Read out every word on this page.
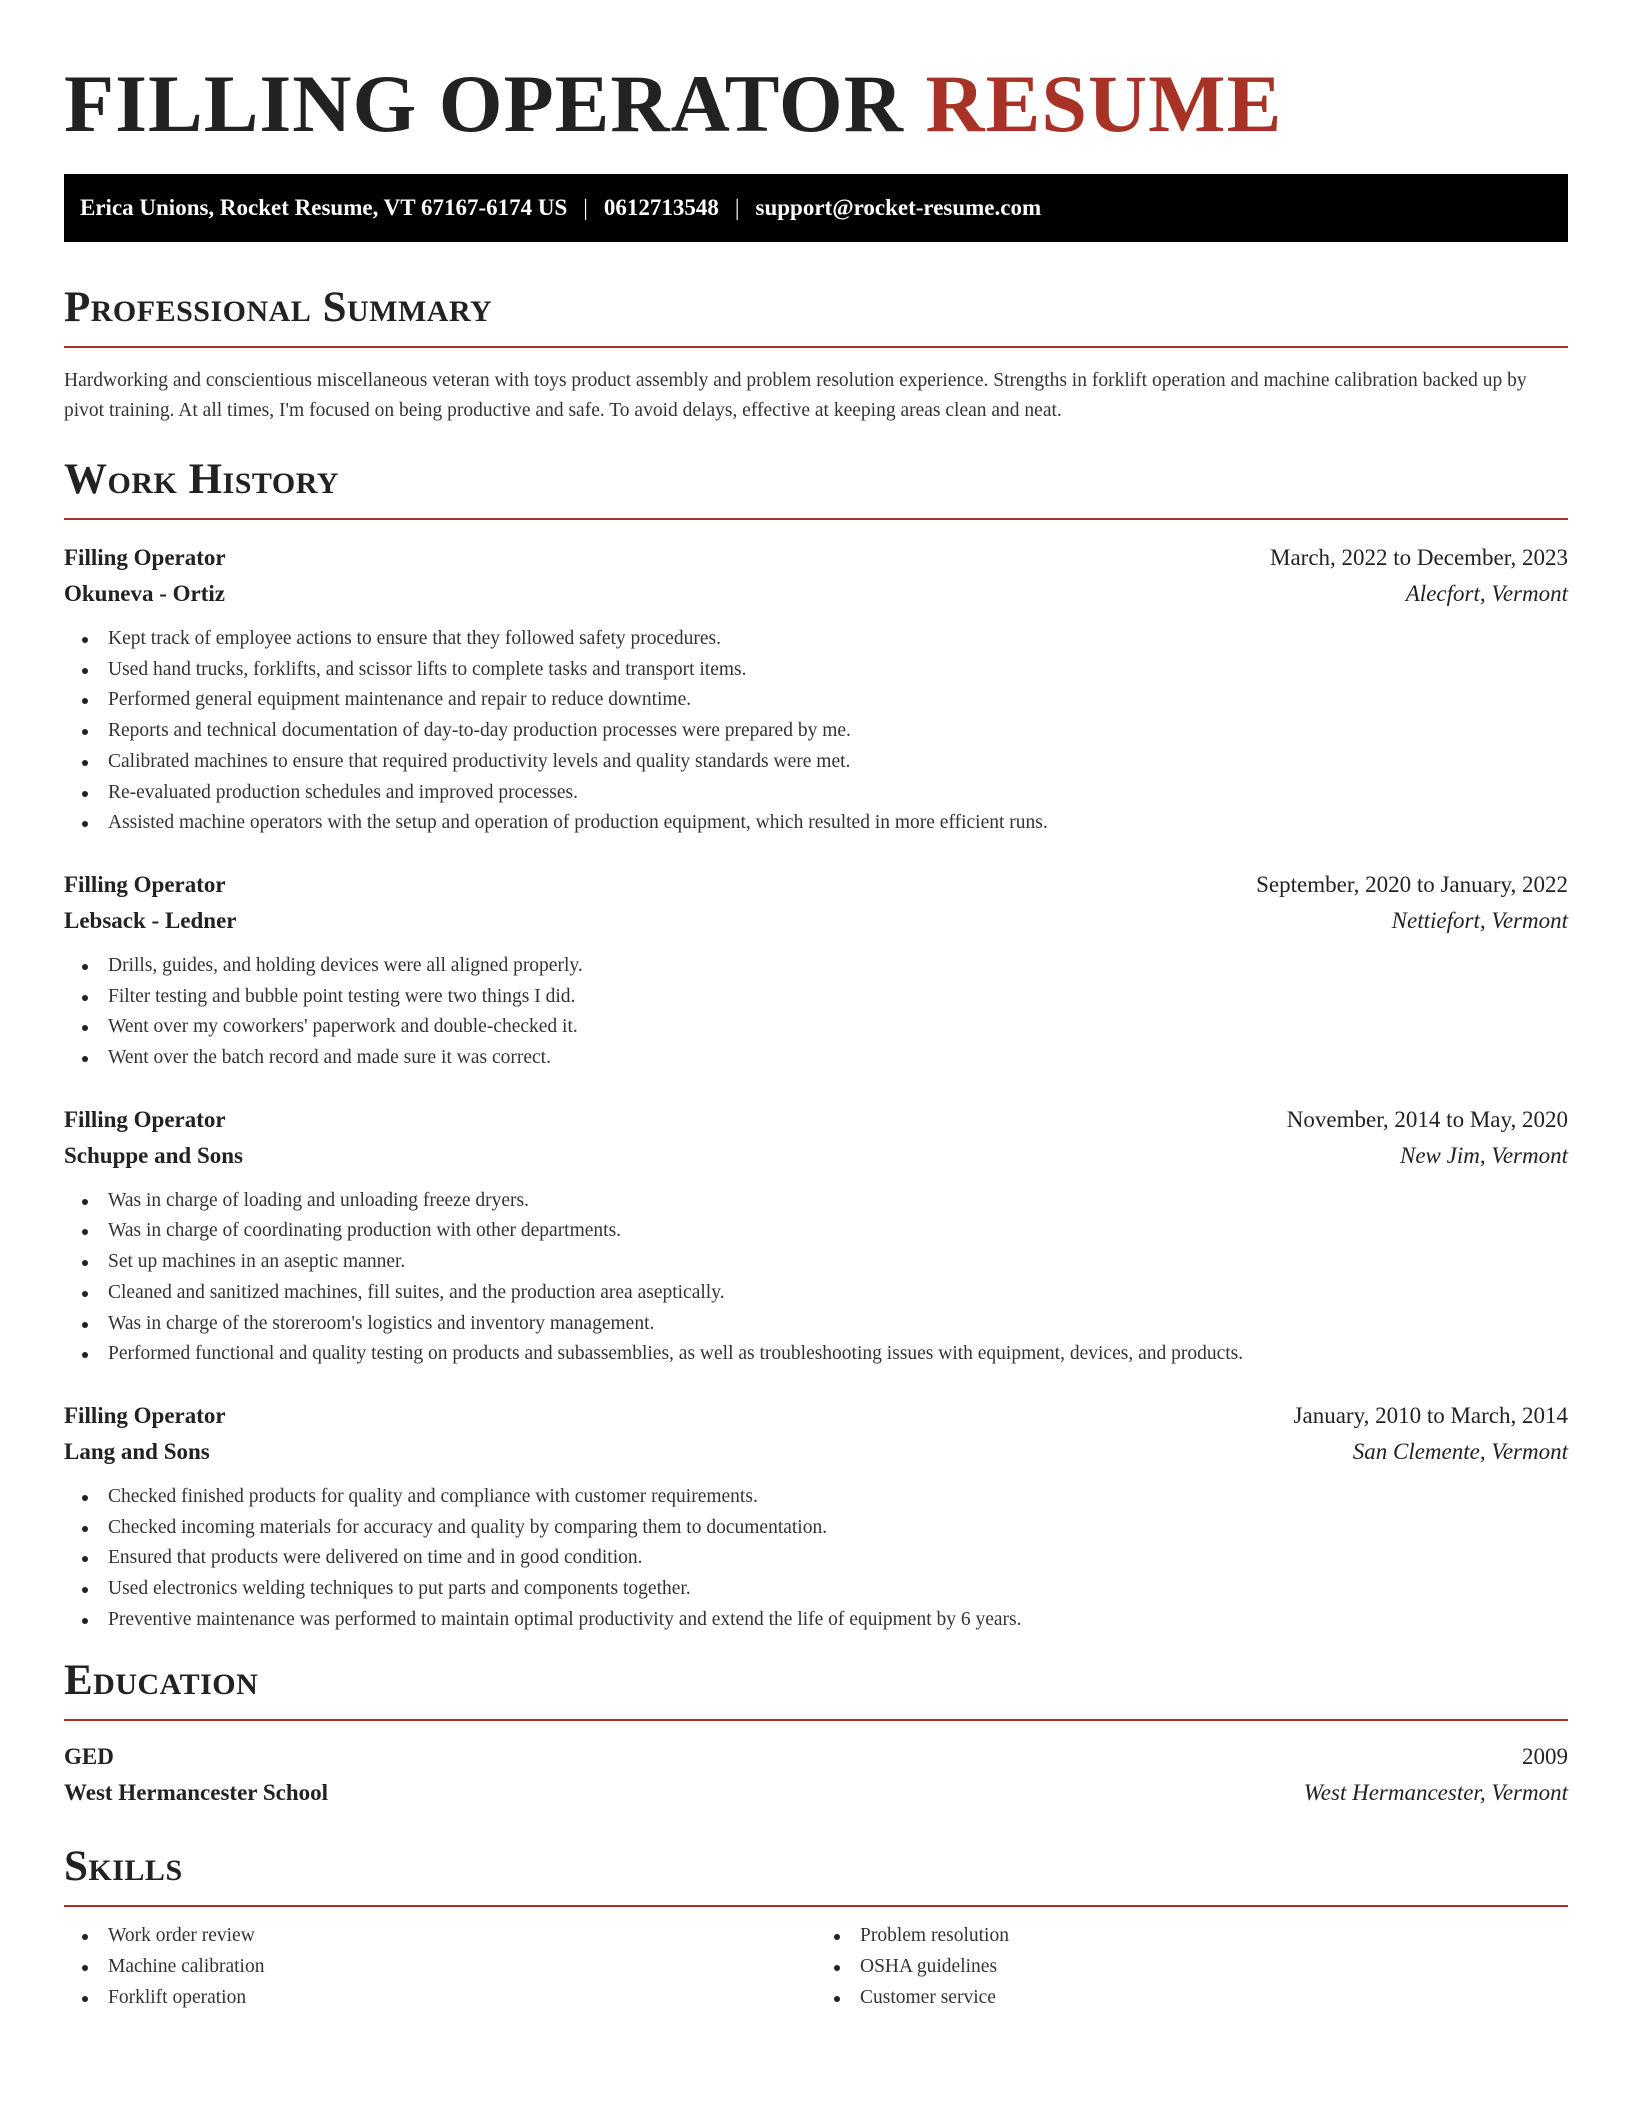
FILLING OPERATOR RESUME
Erica Unions, Rocket Resume, VT 67167-6174 US | 0612713548 | support@rocket-resume.com
Professional Summary

Hardworking and conscientious miscellaneous veteran with toys product assembly and problem resolution experience. Strengths in forklift operation and machine calibration backed up by pivot training. At all times, I'm focused on being productive and safe. To avoid delays, effective at keeping areas clean and neat.

Work History
Filling Operator	March, 2022 to December, 2023
Okuneva - Ortiz	Alecfort, Vermont
Kept track of employee actions to ensure that they followed safety procedures.
Used hand trucks, forklifts, and scissor lifts to complete tasks and transport items.
Performed general equipment maintenance and repair to reduce downtime.
Reports and technical documentation of day-to-day production processes were prepared by me.
Calibrated machines to ensure that required productivity levels and quality standards were met.
Re-evaluated production schedules and improved processes.
Assisted machine operators with the setup and operation of production equipment, which resulted in more efficient runs.
Filling Operator	September, 2020 to January, 2022
Lebsack - Ledner	Nettiefort, Vermont
Drills, guides, and holding devices were all aligned properly.
Filter testing and bubble point testing were two things I did.
Went over my coworkers' paperwork and double-checked it.
Went over the batch record and made sure it was correct.
Filling Operator	November, 2014 to May, 2020
Schuppe and Sons	New Jim, Vermont
Was in charge of loading and unloading freeze dryers.
Was in charge of coordinating production with other departments.
Set up machines in an aseptic manner.
Cleaned and sanitized machines, fill suites, and the production area aseptically.
Was in charge of the storeroom's logistics and inventory management.
Performed functional and quality testing on products and subassemblies, as well as troubleshooting issues with equipment, devices, and products.
Filling Operator	January, 2010 to March, 2014
Lang and Sons	San Clemente, Vermont
Checked finished products for quality and compliance with customer requirements.
Checked incoming materials for accuracy and quality by comparing them to documentation.
Ensured that products were delivered on time and in good condition.
Used electronics welding techniques to put parts and components together.
Preventive maintenance was performed to maintain optimal productivity and extend the life of equipment by 6 years.
Education
GED	2009
West Hermancester School	West Hermancester, Vermont
Skills
Work order review
Machine calibration
Forklift operation
Problem resolution
OSHA guidelines
Customer service
